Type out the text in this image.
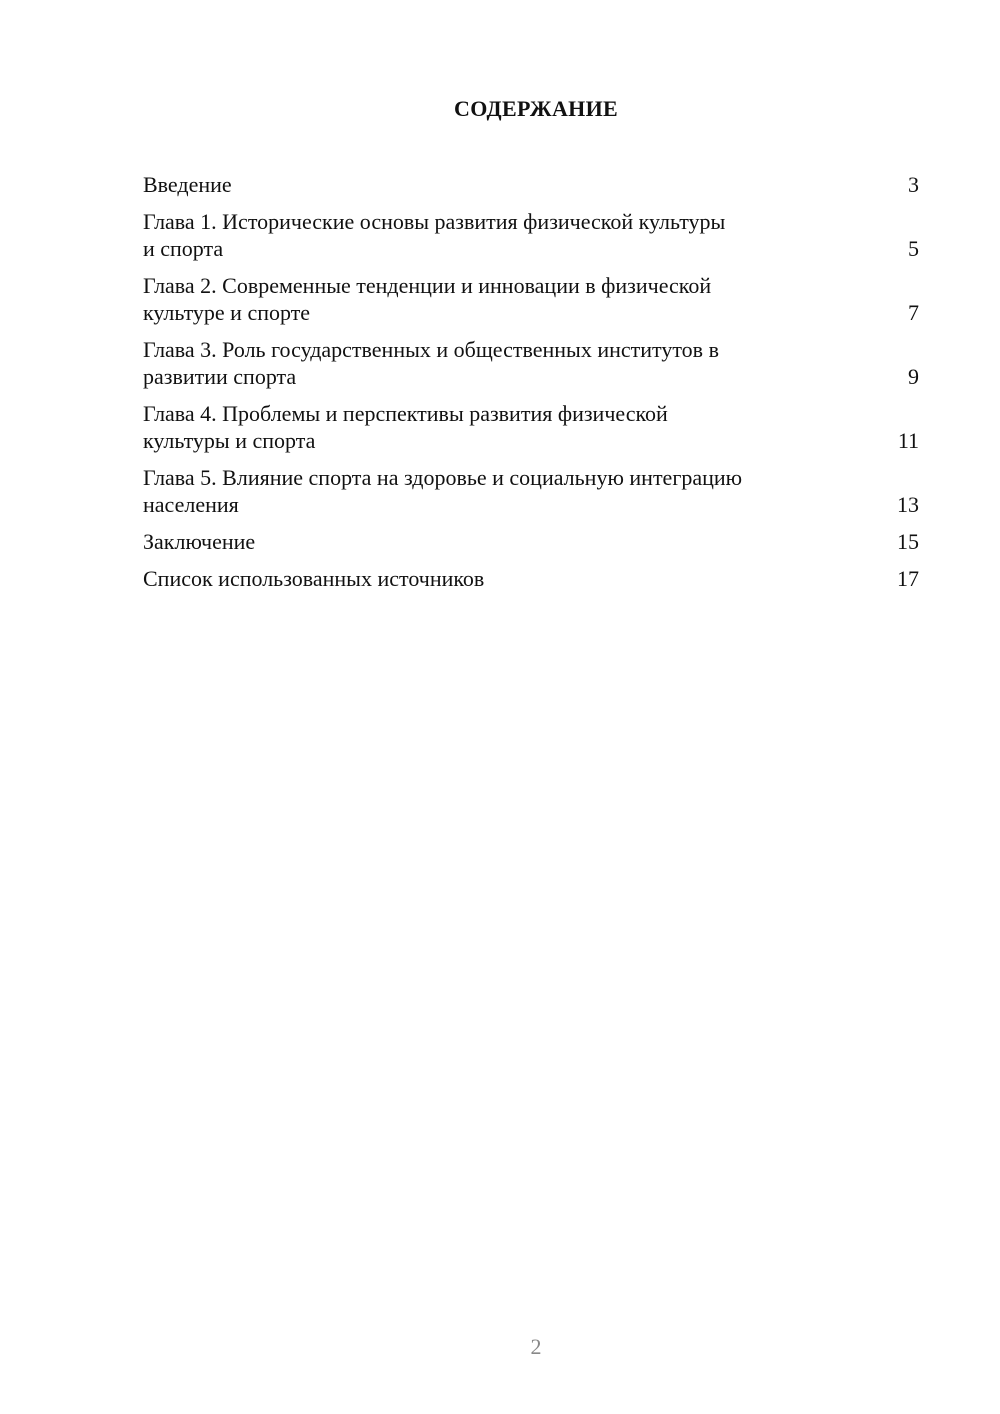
СОДЕРЖАНИЕ
Введение	3
Глава 1. Исторические основы развития физической культуры
и спорта	5
Глава 2. Современные тенденции и инновации в физической
культуре и спорте	7
Глава 3. Роль государственных и общественных институтов в
развитии спорта	9
Глава 4. Проблемы и перспективы развития физической
культуры и спорта	11
Глава 5. Влияние спорта на здоровье и социальную интеграцию
населения	13
Заключение	15
Список использованных источников	17
2
